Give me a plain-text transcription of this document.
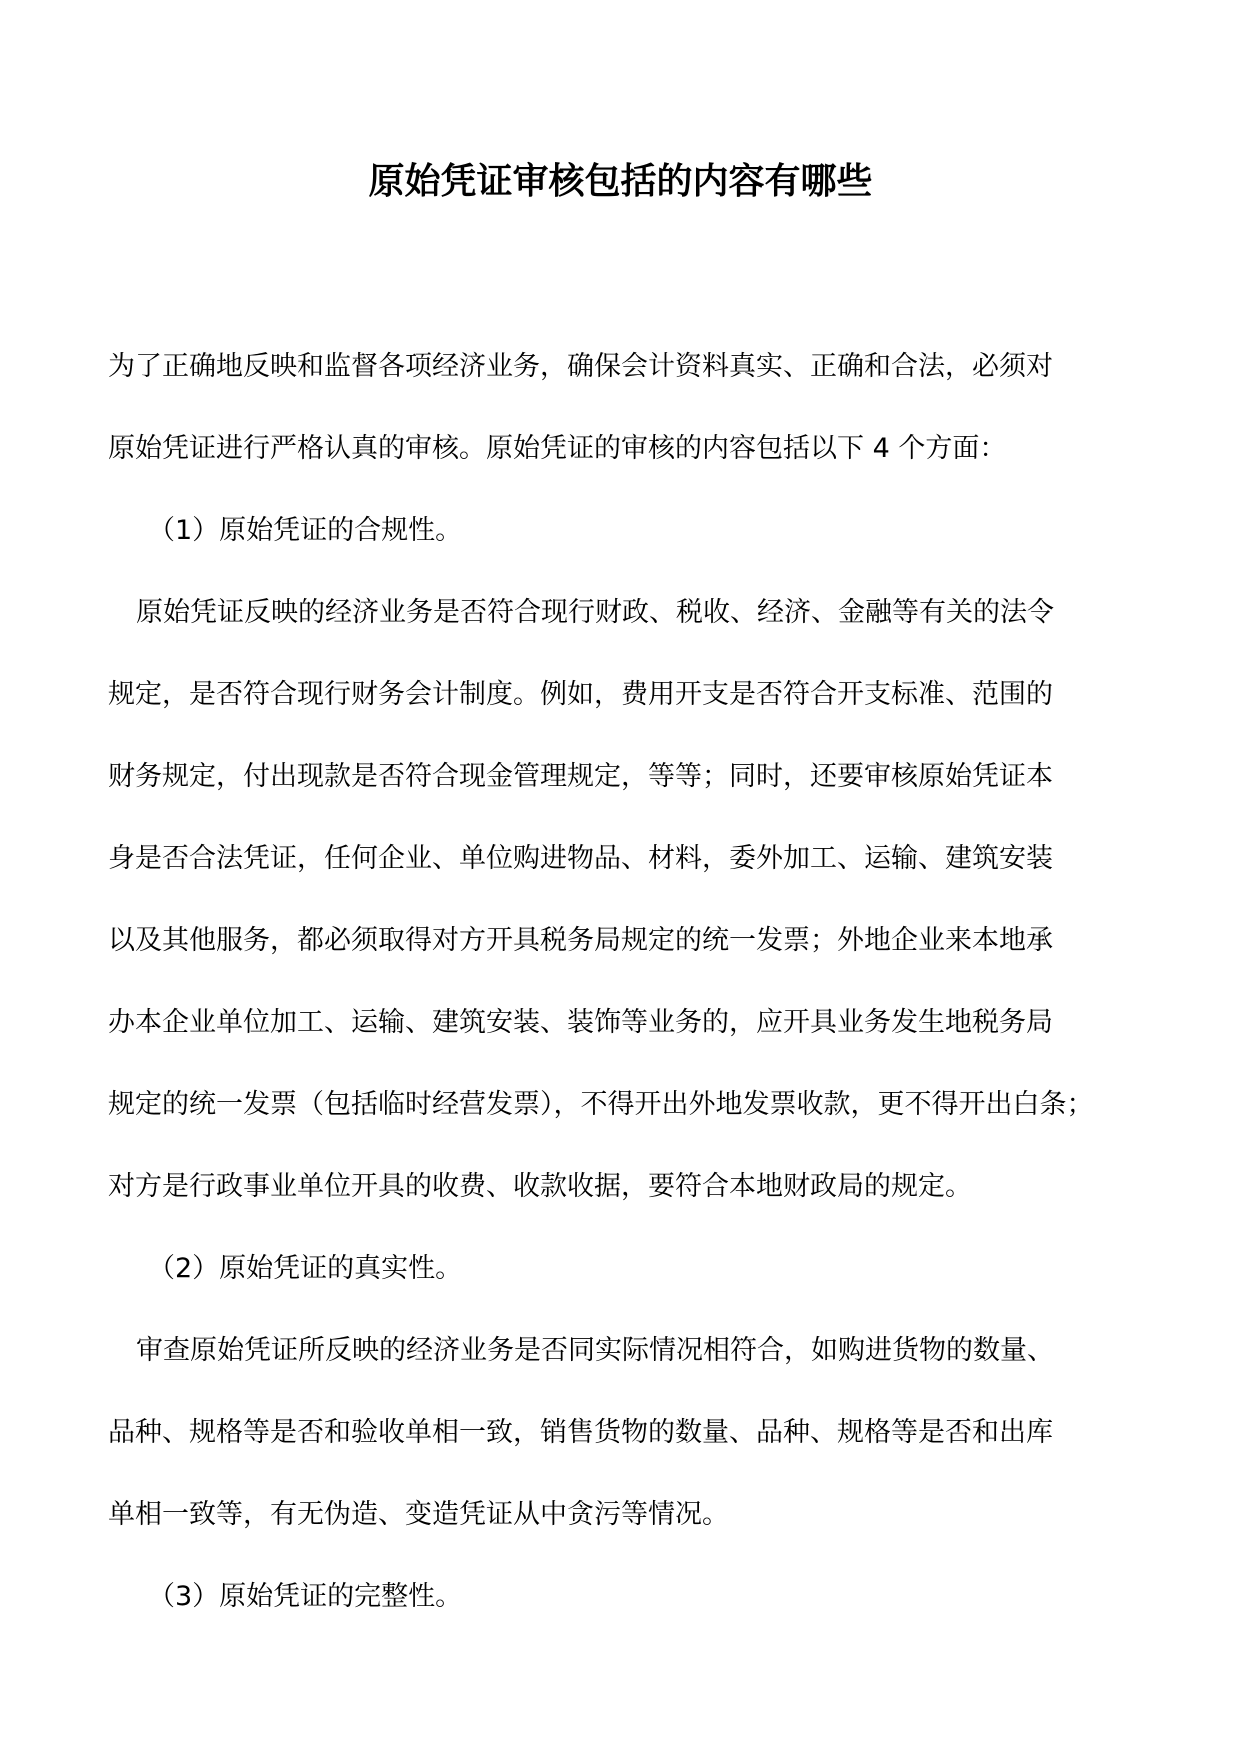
原始凭证审核包括的内容有哪些
为了正确地反映和监督各项经济业务，确保会计资料真实、正确和合法，必须对
原始凭证进行严格认真的审核。原始凭证的审核的内容包括以下 4 个方面：
（1）原始凭证的合规性。
原始凭证反映的经济业务是否符合现行财政、税收、经济、金融等有关的法令
规定，是否符合现行财务会计制度。例如，费用开支是否符合开支标准、范围的
财务规定，付出现款是否符合现金管理规定，等等；同时，还要审核原始凭证本
身是否合法凭证，任何企业、单位购进物品、材料，委外加工、运输、建筑安装
以及其他服务，都必须取得对方开具税务局规定的统一发票；外地企业来本地承
办本企业单位加工、运输、建筑安装、装饰等业务的，应开具业务发生地税务局
规定的统一发票（包括临时经营发票），不得开出外地发票收款，更不得开出白条；
对方是行政事业单位开具的收费、收款收据，要符合本地财政局的规定。
（2）原始凭证的真实性。
审查原始凭证所反映的经济业务是否同实际情况相符合，如购进货物的数量、
品种、规格等是否和验收单相一致，销售货物的数量、品种、规格等是否和出库
单相一致等，有无伪造、变造凭证从中贪污等情况。
（3）原始凭证的完整性。
